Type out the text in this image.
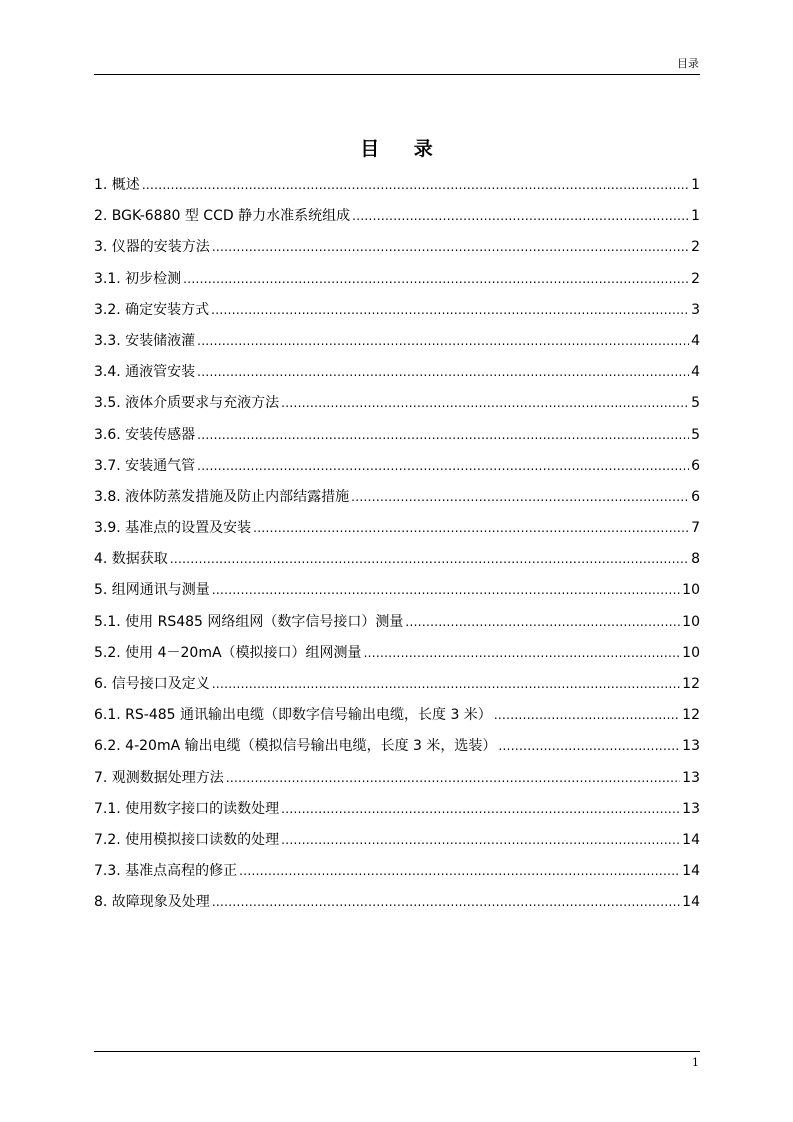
目录
目 录
1. 概述 .....	1
2. BGK-6880 型 CCD 静力水准系统组成 .....	1
3. 仪器的安装方法 .....	2
3.1. 初步检测 .....	2
3.2. 确定安装方式 .....	3
3.3. 安装储液灌 .....	4
3.4. 通液管安装 .....	4
3.5. 液体介质要求与充液方法 .....	5
3.6. 安装传感器 .....	5
3.7. 安装通气管 .....	6
3.8. 液体防蒸发措施及防止内部结露措施 .....	6
3.9. 基准点的设置及安装 .....	7
4. 数据获取 .....	8
5. 组网通讯与测量 .....	10
5.1. 使用 RS485 网络组网（数字信号接口）测量 .....	10
5.2. 使用 4－20mA（模拟接口）组网测量 .....	10
6. 信号接口及定义 .....	12
6.1. RS-485 通讯输出电缆（即数字信号输出电缆，长度 3 米） .....	12
6.2. 4-20mA 输出电缆（模拟信号输出电缆，长度 3 米，选装） .....	13
7. 观测数据处理方法 .....	13
7.1. 使用数字接口的读数处理 .....	13
7.2. 使用模拟接口读数的处理 .....	14
7.3. 基准点高程的修正 .....	14
8. 故障现象及处理 .....	14
1
